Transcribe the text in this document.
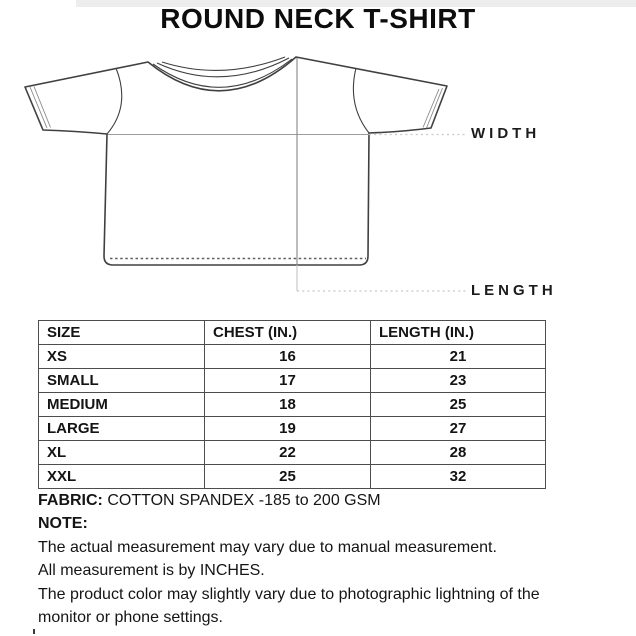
ROUND NECK T-SHIRT
WIDTH
LENGTH
SIZE	CHEST (IN.)	LENGTH (IN.)
XS	16	21
SMALL	17	23
MEDIUM	18	25
LARGE	19	27
XL	22	28
XXL	25	32
FABRIC: COTTON SPANDEX -185 to 200 GSM
NOTE:
The actual measurement may vary due to manual measurement.
All measurement is by INCHES.
The product color may slightly vary due to photographic lightning of the
monitor or phone settings.
